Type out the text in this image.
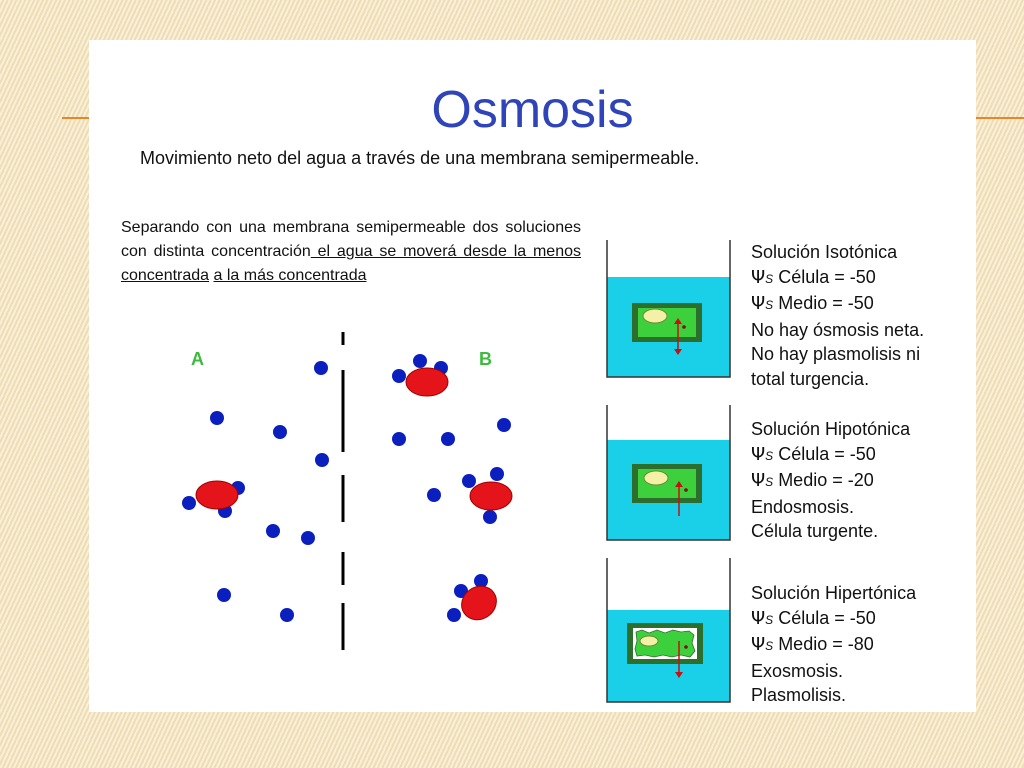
Osmosis
Movimiento neto del agua a través de una membrana semipermeable.
Separando con una membrana semipermeable dos soluciones con distinta concentración el agua se moverá desde la menos concentrada a la más concentrada
A	B
Solución Isotónica
ΨS Célula = -50
ΨS Medio = -50
No hay ósmosis neta.
No hay plasmolisis ni
total turgencia.
Solución Hipotónica
ΨS Célula = -50
ΨS Medio = -20
Endosmosis.
Célula turgente.
Solución Hipertónica
ΨS Célula = -50
ΨS Medio = -80
Exosmosis.
Plasmolisis.
